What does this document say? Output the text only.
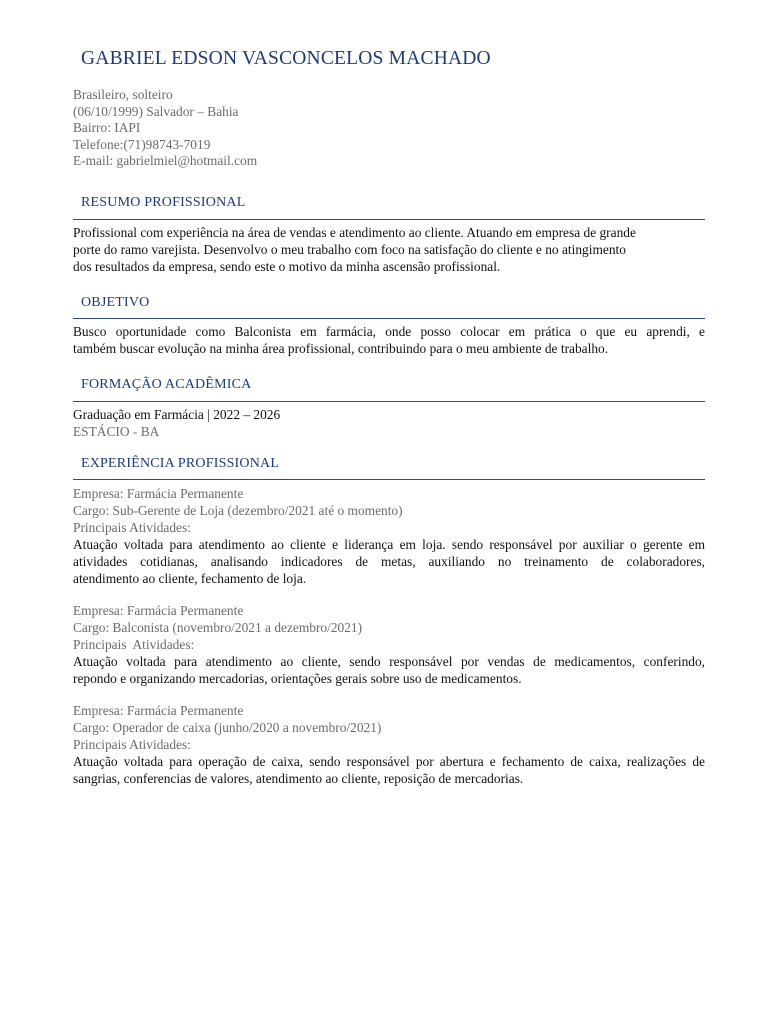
GABRIEL EDSON VASCONCELOS MACHADO
Brasileiro, solteiro
(06/10/1999) Salvador – Bahia
Bairro: IAPI
Telefone:(71)98743-7019
E-mail: gabrielmiel@hotmail.com
RESUMO PROFISSIONAL
Profissional com experiência na área de vendas e atendimento ao cliente. Atuando em empresa de grande
porte do ramo varejista. Desenvolvo o meu trabalho com foco na satisfação do cliente e no atingimento
dos resultados da empresa, sendo este o motivo da minha ascensão profissional.
OBJETIVO
Busco oportunidade como Balconista em farmácia, onde posso colocar em prática o que eu aprendi, e
também buscar evolução na minha área profissional, contribuindo para o meu ambiente de trabalho.
FORMAÇÃO ACADÊMICA
Graduação em Farmácia | 2022 – 2026
ESTÁCIO - BA
EXPERIÊNCIA PROFISSIONAL
Empresa: Farmácia Permanente
Cargo: Sub-Gerente de Loja (dezembro/2021 até o momento)
Principais Atividades:
Atuação voltada para atendimento ao cliente e liderança em loja. sendo responsável por auxiliar o gerente em
atividades cotidianas, analisando indicadores de metas, auxiliando no treinamento de colaboradores,
atendimento ao cliente, fechamento de loja.
Empresa: Farmácia Permanente
Cargo: Balconista (novembro/2021 a dezembro/2021)
Principais  Atividades:
Atuação voltada para atendimento ao cliente, sendo responsável por vendas de medicamentos, conferindo,
repondo e organizando mercadorias, orientações gerais sobre uso de medicamentos.
Empresa: Farmácia Permanente
Cargo: Operador de caixa (junho/2020 a novembro/2021)
Principais Atividades:
Atuação voltada para operação de caixa, sendo responsável por abertura e fechamento de caixa, realizações de
sangrias, conferencias de valores, atendimento ao cliente, reposição de mercadorias.
